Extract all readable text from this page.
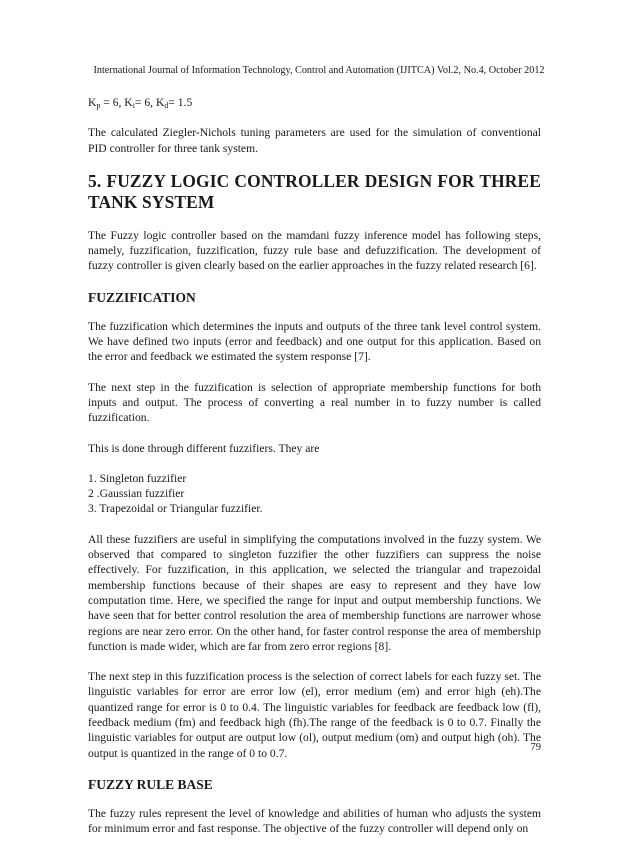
International Journal of Information Technology, Control and Automation (IJITCA) Vol.2, No.4, October 2012

$K_p = 6$, $K_i= 6$, $K_d= 1.5$

The calculated Ziegler-Nichols tuning parameters are used for the simulation of conventional PID controller for three tank system.

5. FUZZY LOGIC CONTROLLER DESIGN FOR THREE TANK SYSTEM

The Fuzzy logic controller based on the mamdani fuzzy inference model has following steps, namely, fuzzification, fuzzification, fuzzy rule base and defuzzification. The development of fuzzy controller is given clearly based on the earlier approaches in the fuzzy related research [6].

FUZZIFICATION

The fuzzification which determines the inputs and outputs of the three tank level control system. We have defined two inputs (error and feedback) and one output for this application. Based on the error and feedback we estimated the system response [7].

The next step in the fuzzification is selection of appropriate membership functions for both inputs and output. The process of converting a real number in to fuzzy number is called fuzzification.

This is done through different fuzzifiers. They are

1. Singleton fuzzifier
2 .Gaussian fuzzifier
3. Trapezoidal or Triangular fuzzifier.

All these fuzzifiers are useful in simplifying the computations involved in the fuzzy system. We observed that compared to singleton fuzzifier the other fuzzifiers can suppress the noise effectively. For fuzzification, in this application, we selected the triangular and trapezoidal membership functions because of their shapes are easy to represent and they have low computation time. Here, we specified the range for input and output membership functions. We have seen that for better control resolution the area of membership functions are narrower whose regions are near zero error. On the other hand, for faster control response the area of membership function is made wider, which are far from zero error regions [8].

The next step in this fuzzification process is the selection of correct labels for each fuzzy set. The linguistic variables for error are error low (el), error medium (em) and error high (eh).The quantized range for error is 0 to 0.4. The linguistic variables for feedback are feedback low (fl), feedback medium (fm) and feedback high (fh).The range of the feedback is 0 to 0.7. Finally the linguistic variables for output are output low (ol), output medium (om) and output high (oh). The output is quantized in the range of 0 to 0.7.

FUZZY RULE BASE

The fuzzy rules represent the level of knowledge and abilities of human who adjusts the system for minimum error and fast response. The objective of the fuzzy controller will depend only on

79
